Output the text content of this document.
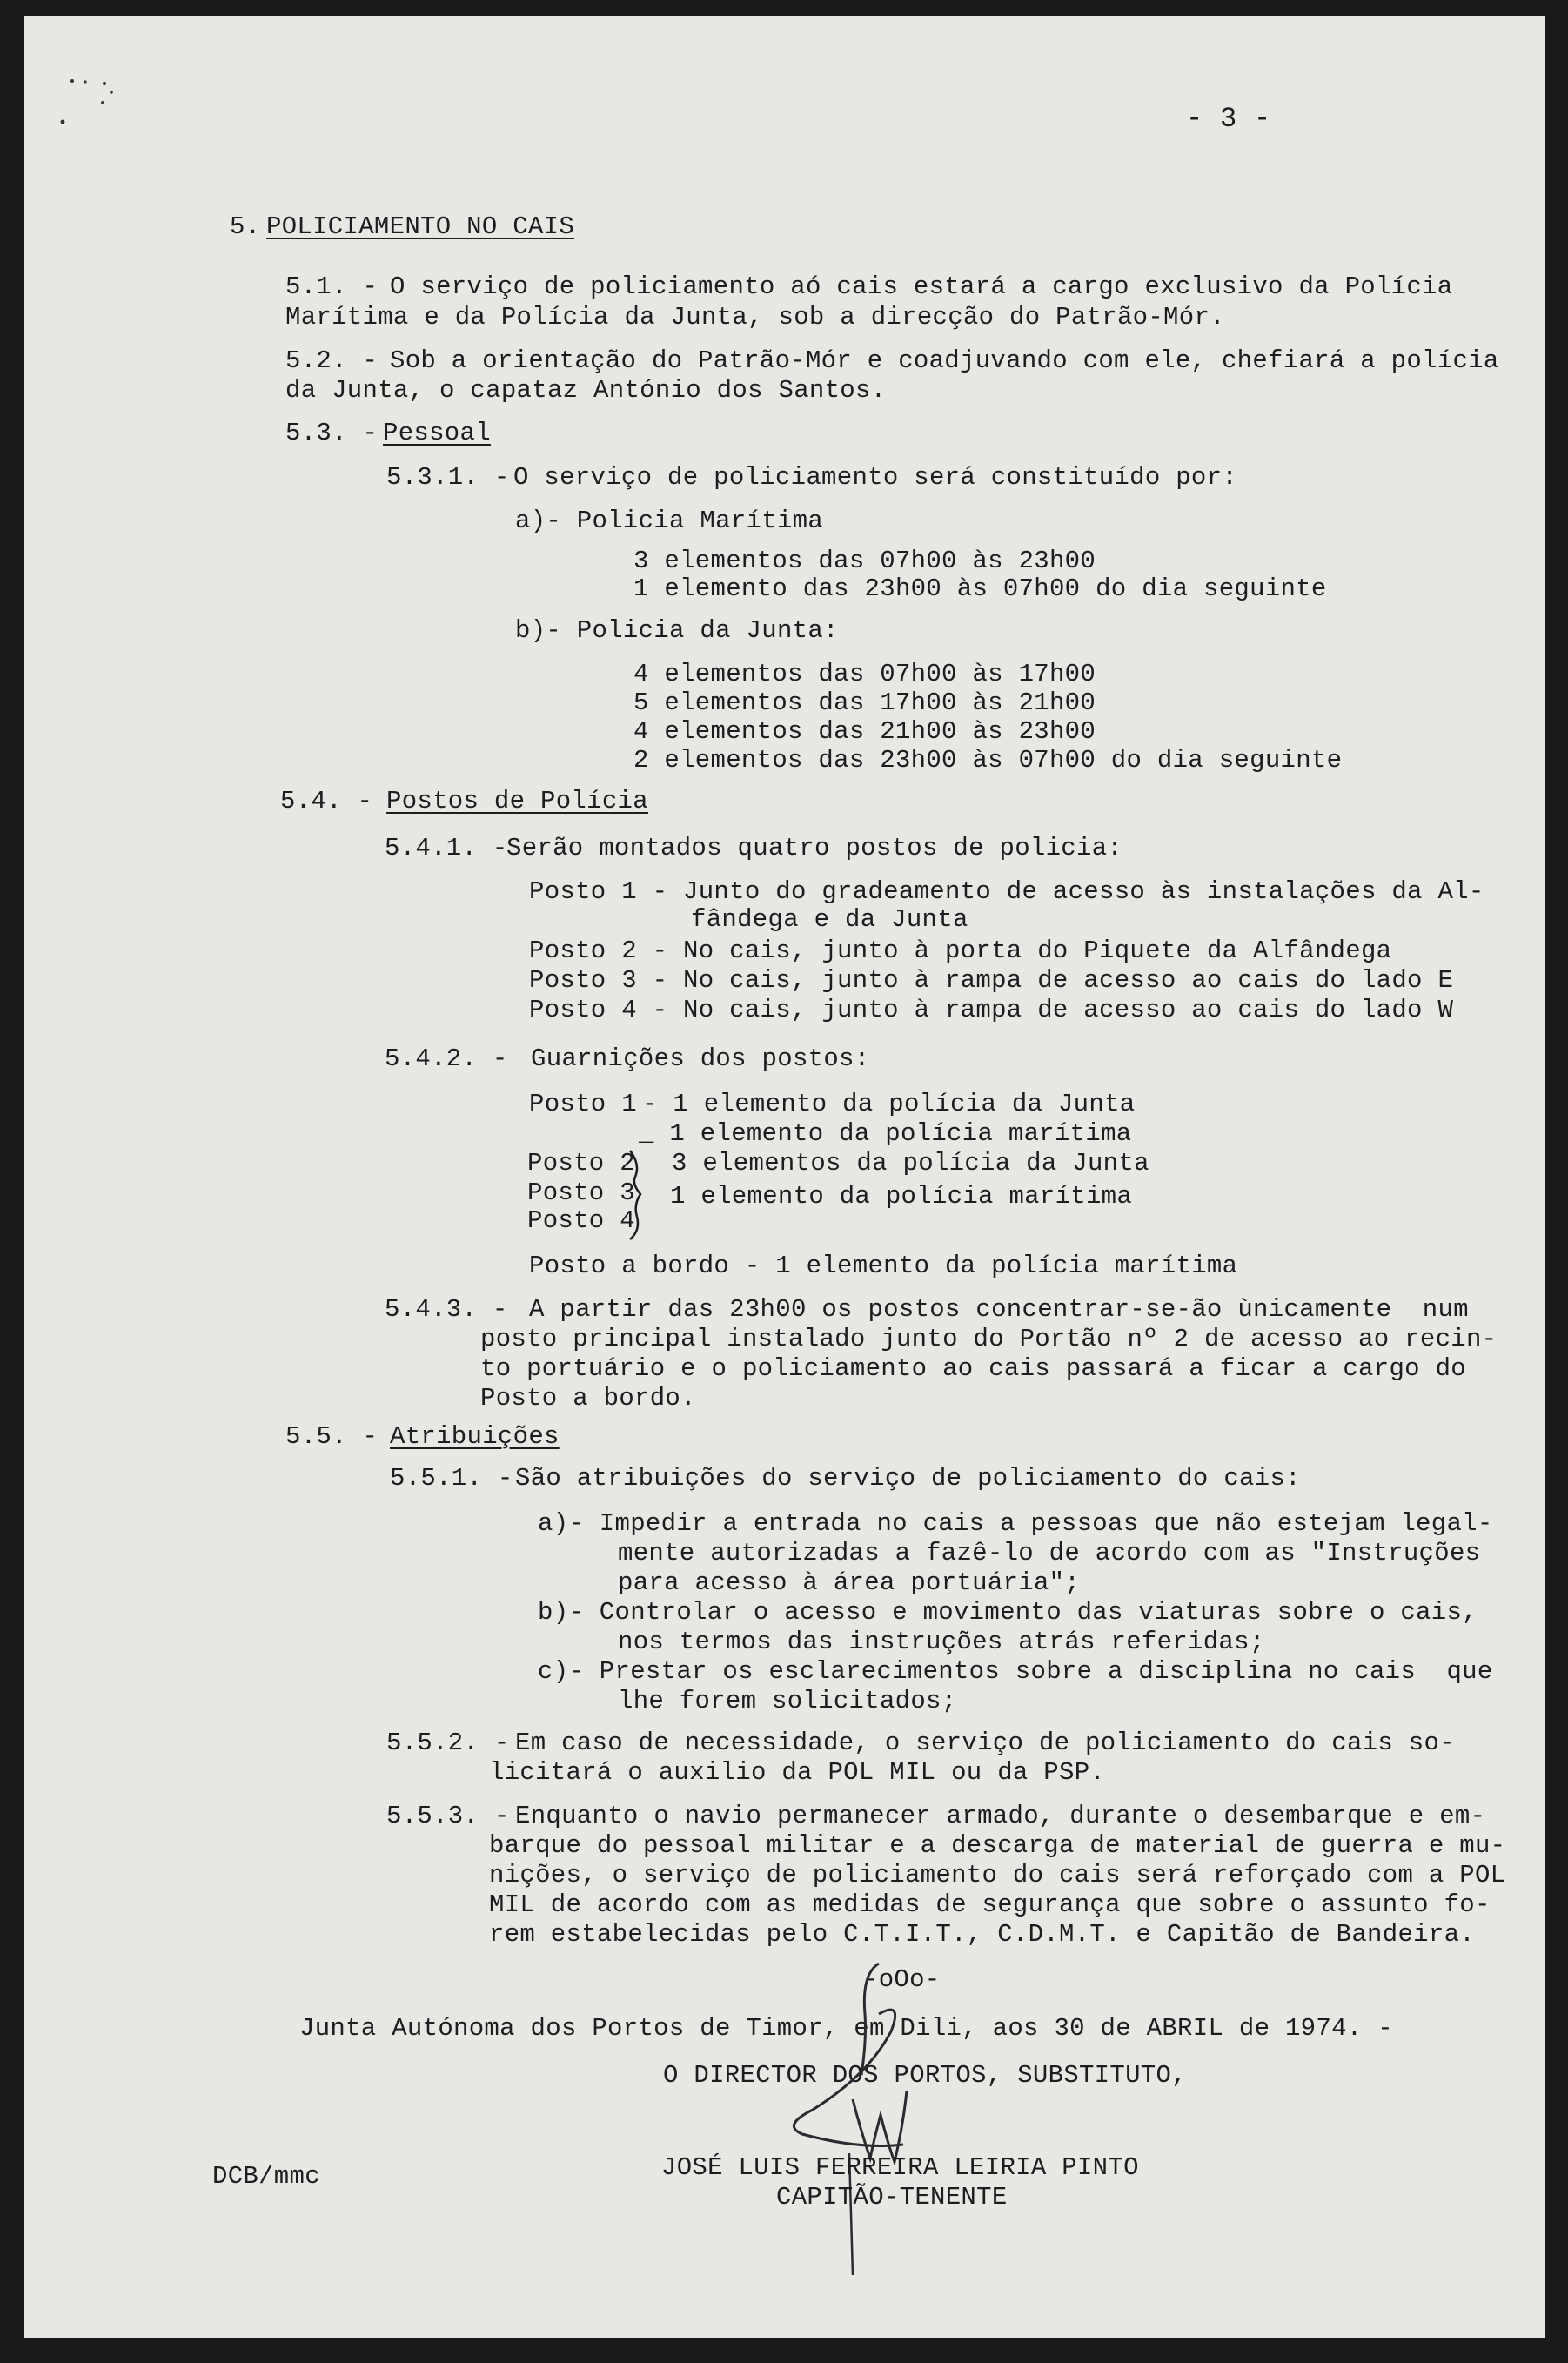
- 3 -
5. POLICIAMENTO NO CAIS
5.1. - O serviço de policiamento aó cais estará a cargo exclusivo da Polícia
Marítima e da Polícia da Junta, sob a direcção do Patrão-Mór.
5.2. - Sob a orientação do Patrão-Mór e coadjuvando com ele, chefiará a polícia
da Junta, o capataz António dos Santos.
5.3. - Pessoal
5.3.1. - O serviço de policiamento será constituído por:
a)- Policia Marítima
3 elementos das 07h00 às 23h00
1 elemento das 23h00 às 07h00 do dia seguinte
b)- Policia da Junta:
4 elementos das 07h00 às 17h00
5 elementos das 17h00 às 21h00
4 elementos das 21h00 às 23h00
2 elementos das 23h00 às 07h00 do dia seguinte
5.4. - Postos de Polícia
5.4.1. -
Serão montados quatro postos de policia:
Posto 1 - Junto do gradeamento de acesso às instalações da Al-
fândega e da Junta
Posto 2 - No cais, junto à porta do Piquete da Alfândega
Posto 3 - No cais, junto à rampa de acesso ao cais do lado E
Posto 4 - No cais, junto à rampa de acesso ao cais do lado W
5.4.2. - Guarnições dos postos:
Posto 1 - 1 elemento da polícia da Junta
_ 1 elemento da polícia marítima
Posto 2
Posto 3
Posto 4
3 elementos da polícia da Junta
1 elemento da polícia marítima
Posto a bordo - 1 elemento da polícia marítima
5.4.3. - A partir das 23h00 os postos concentrar-se-ão ùnicamente  num
posto principal instalado junto do Portão nº 2 de acesso ao recin-
to portuário e o policiamento ao cais passará a ficar a cargo do
Posto a bordo.
5.5. - Atribuições
5.5.1. - São atribuições do serviço de policiamento do cais:
a)- Impedir a entrada no cais a pessoas que não estejam legal-
mente autorizadas a fazê-lo de acordo com as "Instruções
para acesso à área portuária";
b)- Controlar o acesso e movimento das viaturas sobre o cais,
nos termos das instruções atrás referidas;
c)- Prestar os esclarecimentos sobre a disciplina no cais  que
lhe forem solicitados;
5.5.2. - Em caso de necessidade, o serviço de policiamento do cais so-
licitará o auxilio da POL MIL ou da PSP.
5.5.3. - Enquanto o navio permanecer armado, durante o desembarque e em-
barque do pessoal militar e a descarga de material de guerra e mu-
nições, o serviço de policiamento do cais será reforçado com a POL
MIL de acordo com as medidas de segurança que sobre o assunto fo-
rem estabelecidas pelo C.T.I.T., C.D.M.T. e Capitão de Bandeira.
-oOo-
Junta Autónoma dos Portos de Timor, em Dili, aos 30 de ABRIL de 1974. -
O DIRECTOR DOS PORTOS, SUBSTITUTO,
DCB/mmc	JOSÉ LUIS FERREIRA LEIRIA PINTO
CAPITÃO-TENENTE
